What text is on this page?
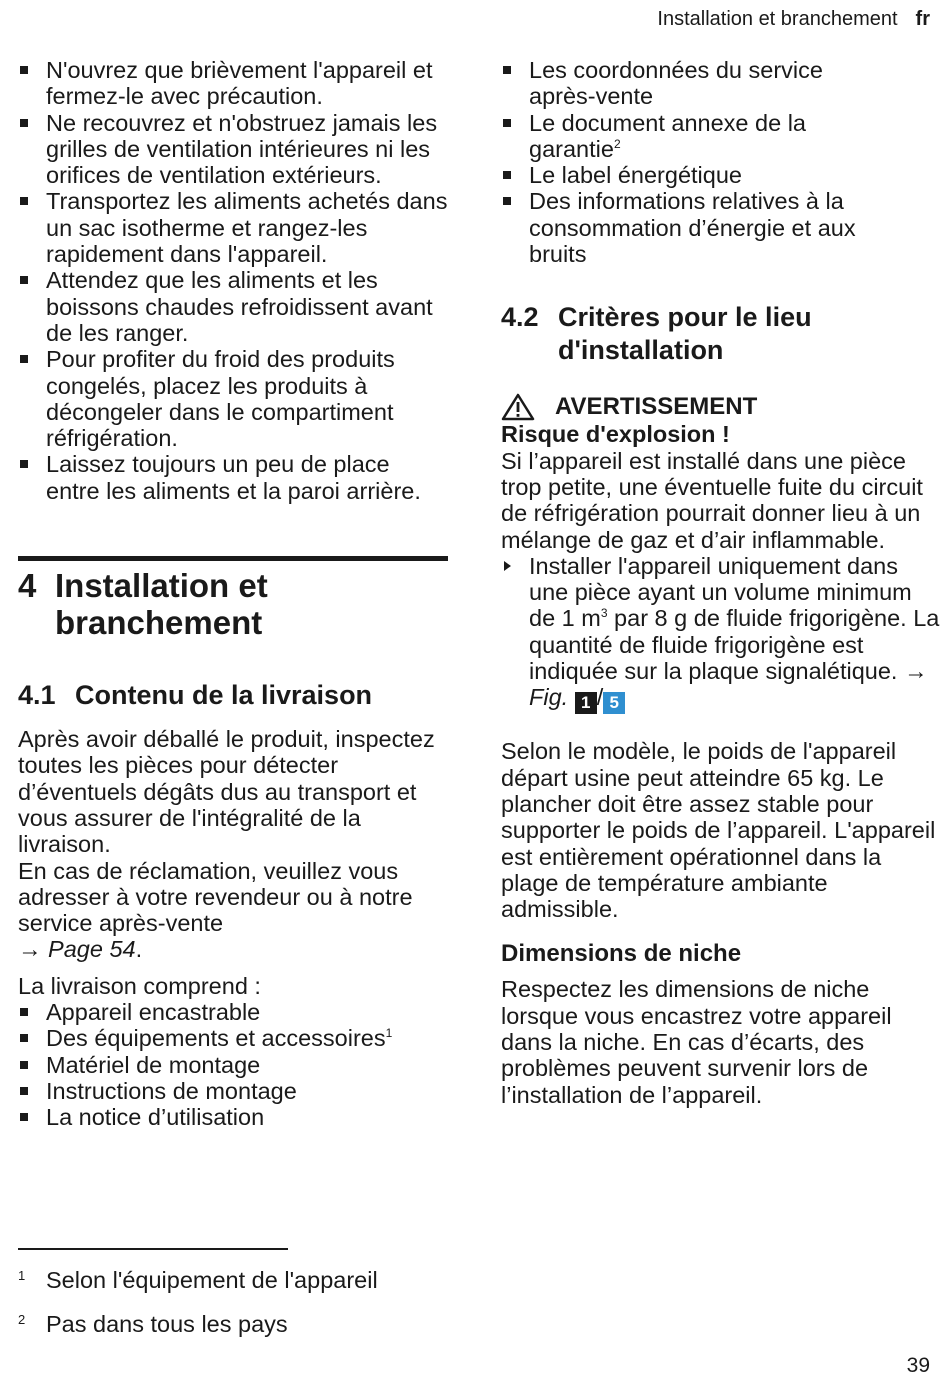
Installation et branchement fr
N'ouvrez que brièvement l'appareil et fermez-le avec précaution.
Ne recouvrez et n'obstruez jamais les grilles de ventilation intérieures ni les orifices de ventilation extérieurs.
Transportez les aliments achetés dans un sac isotherme et rangez-les rapidement dans l'appareil.
Attendez que les aliments et les boissons chaudes refroidissent avant de les ranger.
Pour profiter du froid des produits congelés, placez les produits à décongeler dans le compartiment réfrigération.
Laissez toujours un peu de place entre les aliments et la paroi arrière.
4 Installation et branchement
4.1 Contenu de la livraison

Après avoir déballé le produit, inspectez toutes les pièces pour détecter d’éventuels dégâts dus au transport et vous assurer de l'intégralité de la livraison.

En cas de réclamation, veuillez vous adresser à votre revendeur ou à notre service après-vente
→ Page 54.

La livraison comprend :

Appareil encastrable
Des équipements et accessoires$^1$
Matériel de montage
Instructions de montage
La notice d’utilisation
Les coordonnées du service après-vente
Le document annexe de la garantie$^2$
Le label énergétique
Des informations relatives à la consommation d’énergie et aux bruits
4.2 Critères pour le lieu d'installation
AVERTISSEMENT

Risque d'explosion !

Si l’appareil est installé dans une pièce trop petite, une éventuelle fuite du circuit de réfrigération pourrait donner lieu à un mélange de gaz et d’air inflammable.

Installer l'appareil uniquement dans une pièce ayant un volume minimum de 1 $m^3$ par 8 g de fluide frigorigène. La quantité de fluide frigorigène est indiquée sur la plaque signalétique. → Fig. 1 / 5

Selon le modèle, le poids de l'appareil départ usine peut atteindre 65 kg. Le plancher doit être assez stable pour supporter le poids de l’appareil. L'appareil est entièrement opérationnel dans la plage de température ambiante admissible.

Dimensions de niche

Respectez les dimensions de niche lorsque vous encastrez votre appareil dans la niche. En cas d’écarts, des problèmes peuvent survenir lors de l’installation de l’appareil.

1 Selon l'équipement de l'appareil
2 Pas dans tous les pays
39
